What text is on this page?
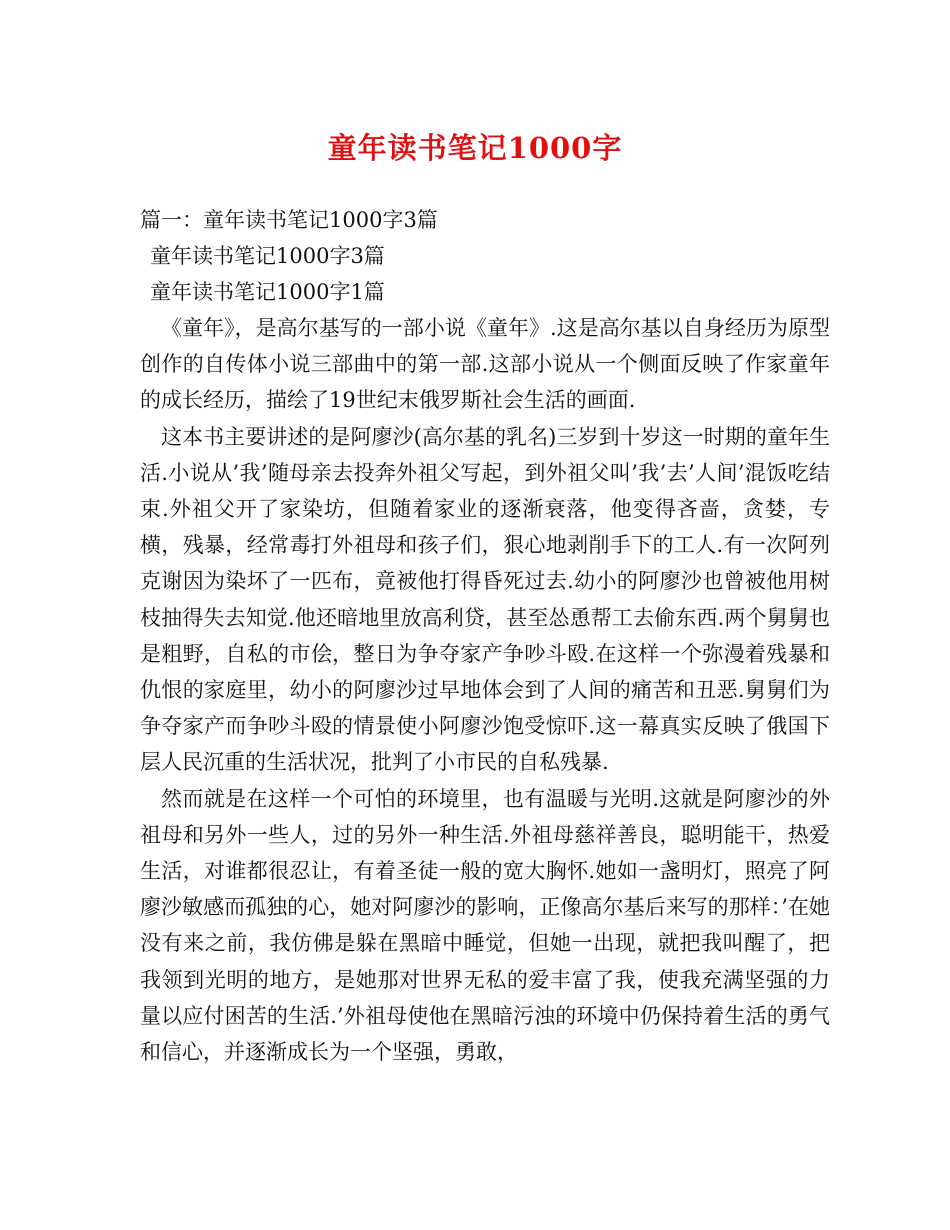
童年读书笔记1000字
篇一：童年读书笔记1000字3篇
童年读书笔记1000字3篇
童年读书笔记1000字1篇

《童年》，是高尔基写的一部小说《童年》.这是高尔基以自身经历为原型创作的自传体小说三部曲中的第一部.这部小说从一个侧面反映了作家童年的成长经历，描绘了19世纪末俄罗斯社会生活的画面.

这本书主要讲述的是阿廖沙(高尔基的乳名)三岁到十岁这一时期的童年生活.小说从’我’随母亲去投奔外祖父写起，到外祖父叫’我’去’人间’混饭吃结束.外祖父开了家染坊，但随着家业的逐渐衰落，他变得吝啬，贪婪，专横，残暴，经常毒打外祖母和孩子们，狠心地剥削手下的工人.有一次阿列克谢因为染坏了一匹布，竟被他打得昏死过去.幼小的阿廖沙也曾被他用树枝抽得失去知觉.他还暗地里放高利贷，甚至怂恿帮工去偷东西.两个舅舅也是粗野，自私的市侩，整日为争夺家产争吵斗殴.在这样一个弥漫着残暴和仇恨的家庭里，幼小的阿廖沙过早地体会到了人间的痛苦和丑恶.舅舅们为争夺家产而争吵斗殴的情景使小阿廖沙饱受惊吓.这一幕真实反映了俄国下层人民沉重的生活状况，批判了小市民的自私残暴.

然而就是在这样一个可怕的环境里，也有温暖与光明.这就是阿廖沙的外祖母和另外一些人，过的另外一种生活.外祖母慈祥善良，聪明能干，热爱生活，对谁都很忍让，有着圣徒一般的宽大胸怀.她如一盏明灯，照亮了阿廖沙敏感而孤独的心，她对阿廖沙的影响，正像高尔基后来写的那样：’在她没有来之前，我仿佛是躲在黑暗中睡觉，但她一出现，就把我叫醒了，把我领到光明的地方，是她那对世界无私的爱丰富了我，使我充满坚强的力量以应付困苦的生活.’外祖母使他在黑暗污浊的环境中仍保持着生活的勇气和信心，并逐渐成长为一个坚强，勇敢，
